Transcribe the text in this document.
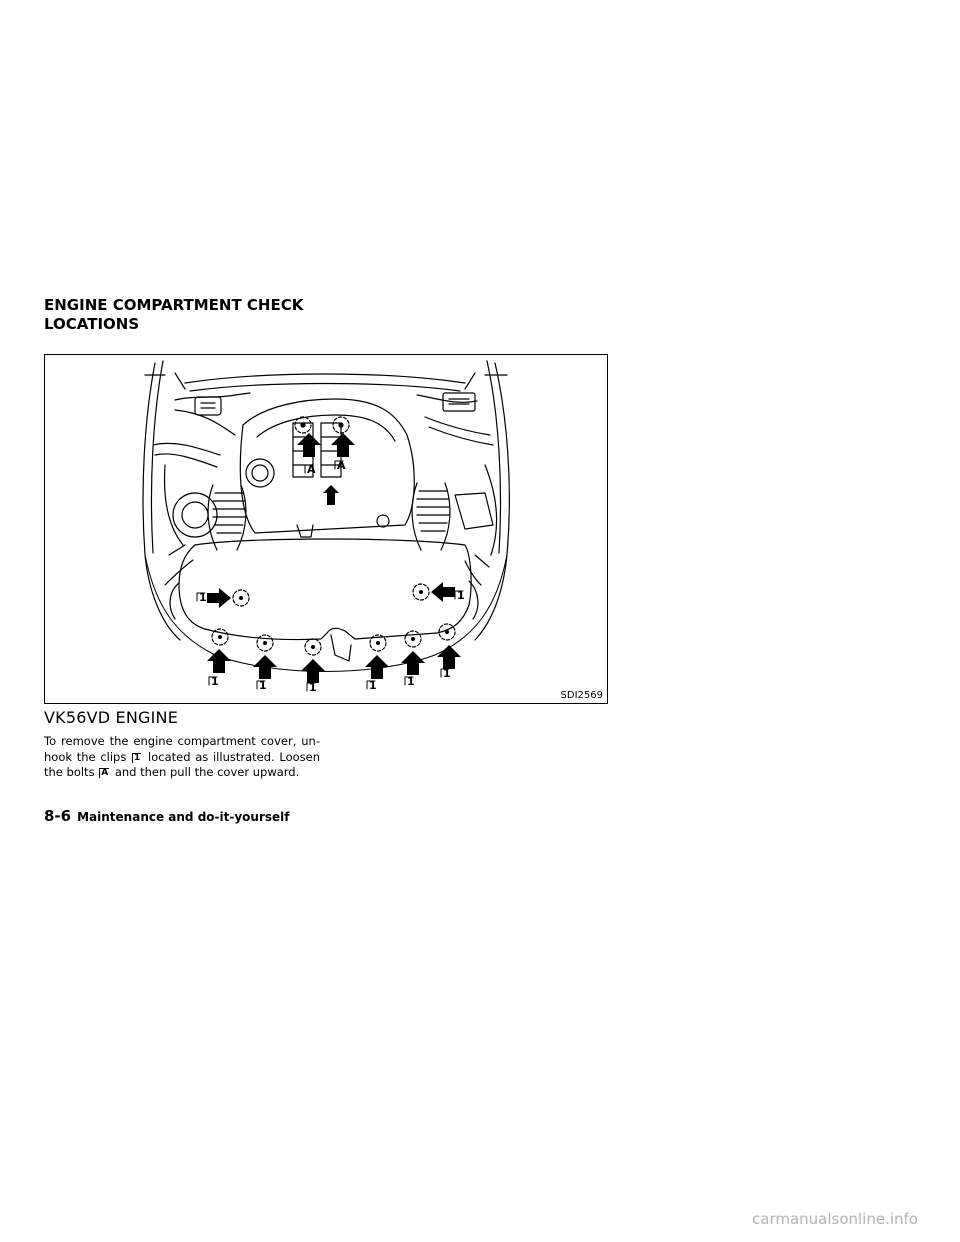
ENGINE COMPARTMENT CHECK
LOCATIONS
A A
1	1
1	1	1	1	1
1
SDI2569
VK56VD ENGINE
To remove the engine compartment cover, un-hook the clips 1 located as illustrated. Loosen the bolts A and then pull the cover upward.
8-6 Maintenance and do-it-yourself
carmanualsonline.info
